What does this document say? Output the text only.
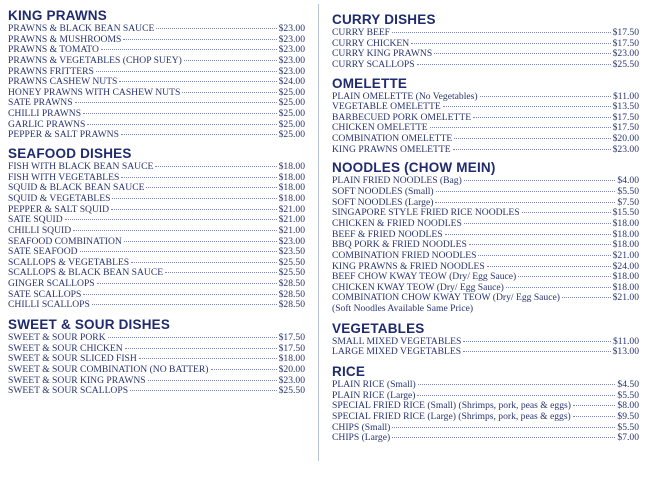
KING PRAWNS
PRAWNS & BLACK BEAN SAUCE	$23.00
PRAWNS & MUSHROOMS	$23.00
PRAWNS & TOMATO	$23.00
PRAWNS & VEGETABLES (CHOP SUEY)	$23.00
PRAWNS FRITTERS	$23.00
PRAWNS CASHEW NUTS	$24.00
HONEY PRAWNS WITH CASHEW NUTS	$25.00
SATE PRAWNS	$25.00
CHILLI PRAWNS	$25.00
GARLIC PRAWNS	$25.00
PEPPER & SALT PRAWNS	$25.00
SEAFOOD DISHES
FISH WITH BLACK BEAN SAUCE	$18.00
FISH WITH VEGETABLES	$18.00
SQUID & BLACK BEAN SAUCE	$18.00
SQUID & VEGETABLES	$18.00
PEPPER & SALT SQUID	$21.00
SATE SQUID	$21.00
CHILLI SQUID	$21.00
SEAFOOD COMBINATION	$23.00
SATE SEAFOOD	$23.50
SCALLOPS & VEGETABLES	$25.50
SCALLOPS & BLACK BEAN SAUCE	$25.50
GINGER SCALLOPS	$28.50
SATE SCALLOPS	$28.50
CHILLI SCALLOPS	$28.50
SWEET & SOUR DISHES
SWEET & SOUR PORK	$17.50
SWEET & SOUR CHICKEN	$17.50
SWEET & SOUR SLICED FISH	$18.00
SWEET & SOUR COMBINATION (NO BATTER)	$20.00
SWEET & SOUR KING PRAWNS	$23.00
SWEET & SOUR SCALLOPS	$25.50
CURRY DISHES
CURRY BEEF	$17.50
CURRY CHICKEN	$17.50
CURRY KING PRAWNS	$23.00
CURRY SCALLOPS	$25.50
OMELETTE
PLAIN OMELETTE (No Vegetables)	$11.00
VEGETABLE OMELETTE	$13.50
BARBECUED PORK OMELETTE	$17.50
CHICKEN OMELETTE	$17.50
COMBINATION OMELETTE	$20.00
KING PRAWNS OMELETTE	$23.00
NOODLES (CHOW MEIN)
PLAIN FRIED NOODLES (Bag)	$4.00
SOFT NOODLES (Small)	$5.50
SOFT NOODLES (Large)	$7.50
SINGAPORE STYLE FRIED RICE NOODLES	$15.50
CHICKEN & FRIED NOODLES	$18.00
BEEF & FRIED NOODLES	$18.00
BBQ PORK & FRIED NOODLES	$18.00
COMBINATION FRIED NOODLES	$21.00
KING PRAWNS & FRIED NOODLES	$24.00
BEEF CHOW KWAY TEOW (Dry/ Egg Sauce)	$18.00
CHICKEN KWAY TEOW (Dry/ Egg Sauce)	$18.00
COMBINATION CHOW KWAY TEOW (Dry/ Egg Sauce)	$21.00
(Soft Noodles Available Same Price)
VEGETABLES
SMALL MIXED VEGETABLES	$11.00
LARGE MIXED VEGETABLES	$13.00
RICE
PLAIN RICE (Small)	$4.50
PLAIN RICE (Large)	$5.50
SPECIAL FRIED RICE (Small) (Shrimps, pork, peas & eggs)	$8.00
SPECIAL FRIED RICE (Large) (Shrimps, pork, peas & eggs)	$9.50
CHIPS (Small)	$5.50
CHIPS (Large)	$7.00
